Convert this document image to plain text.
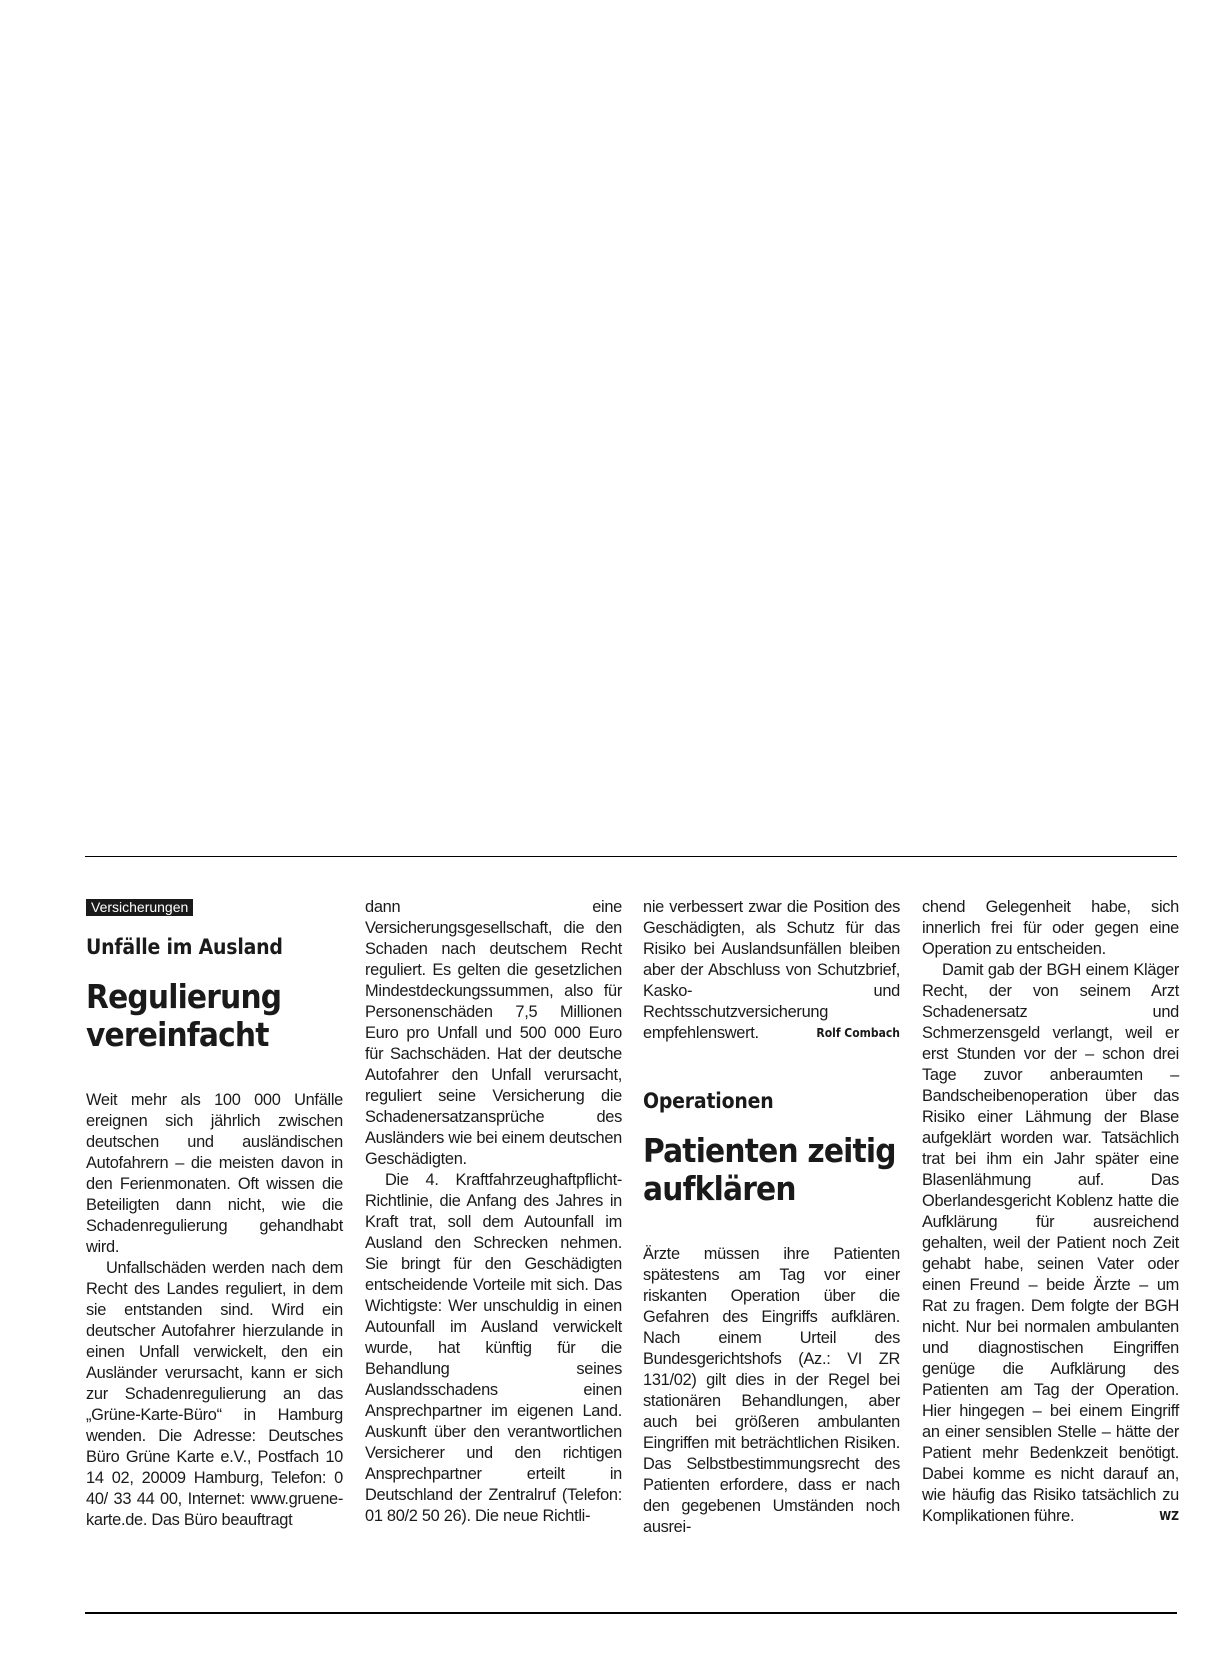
Versicherungen
Unfälle im Ausland
Regulierung vereinfacht

Weit mehr als 100 000 Unfälle ereignen sich jährlich zwischen deutschen und ausländischen Autofahrern – die meisten davon in den Ferienmonaten. Oft wissen die Beteiligten dann nicht, wie die Schadenregulierung gehandhabt wird.

Unfallschäden werden nach dem Recht des Landes reguliert, in dem sie entstanden sind. Wird ein deutscher Autofahrer hierzulande in einen Unfall verwickelt, den ein Ausländer verursacht, kann er sich zur Schadenregulierung an das „Grüne-Karte-Büro“ in Hamburg wenden. Die Adresse: Deutsches Büro Grüne Karte e.V., Postfach 10 14 02, 20009 Hamburg, Telefon: 0 40/ 33 44 00, Internet: www.gruene-karte.de. Das Büro beauftragt

dann eine Versicherungsgesellschaft, die den Schaden nach deutschem Recht reguliert. Es gelten die gesetzlichen Mindestdeckungssummen, also für Personenschäden 7,5 Millionen Euro pro Unfall und 500 000 Euro für Sachschäden. Hat der deutsche Autofahrer den Unfall verursacht, reguliert seine Versicherung die Schadenersatzansprüche des Ausländers wie bei einem deutschen Geschädigten.

Die 4. Kraftfahrzeughaftpflicht-Richtlinie, die Anfang des Jahres in Kraft trat, soll dem Autounfall im Ausland den Schrecken nehmen. Sie bringt für den Geschädigten entscheidende Vorteile mit sich. Das Wichtigste: Wer unschuldig in einen Autounfall im Ausland verwickelt wurde, hat künftig für die Behandlung seines Auslandsschadens einen Ansprechpartner im eigenen Land. Auskunft über den verantwortlichen Versicherer und den richtigen Ansprechpartner erteilt in Deutschland der Zentralruf (Telefon: 01 80/2 50 26). Die neue Richtli-

nie verbessert zwar die Position des Geschädigten, als Schutz für das Risiko bei Auslandsunfällen bleiben aber der Abschluss von Schutzbrief, Kasko- und Rechtsschutzversicherung empfehlenswert.	Rolf Combach

Operationen
Patienten zeitig aufklären

Ärzte müssen ihre Patienten spätestens am Tag vor einer riskanten Operation über die Gefahren des Eingriffs aufklären. Nach einem Urteil des Bundesgerichtshofs (Az.: VI ZR 131/02) gilt dies in der Regel bei stationären Behandlungen, aber auch bei größeren ambulanten Eingriffen mit beträchtlichen Risiken. Das Selbstbestimmungsrecht des Patienten erfordere, dass er nach den gegebenen Umständen noch ausrei-

chend Gelegenheit habe, sich innerlich frei für oder gegen eine Operation zu entscheiden.

Damit gab der BGH einem Kläger Recht, der von seinem Arzt Schadenersatz und Schmerzensgeld verlangt, weil er erst Stunden vor der – schon drei Tage zuvor anberaumten – Bandscheibenoperation über das Risiko einer Lähmung der Blase aufgeklärt worden war. Tatsächlich trat bei ihm ein Jahr später eine Blasenlähmung auf. Das Oberlandesgericht Koblenz hatte die Aufklärung für ausreichend gehalten, weil der Patient noch Zeit gehabt habe, seinen Vater oder einen Freund – beide Ärzte – um Rat zu fragen. Dem folgte der BGH nicht. Nur bei normalen ambulanten und diagnostischen Eingriffen genüge die Aufklärung des Patienten am Tag der Operation. Hier hingegen – bei einem Eingriff an einer sensiblen Stelle – hätte der Patient mehr Bedenkzeit benötigt. Dabei komme es nicht darauf an, wie häufig das Risiko tatsächlich zu Komplikationen führe.	WZ
